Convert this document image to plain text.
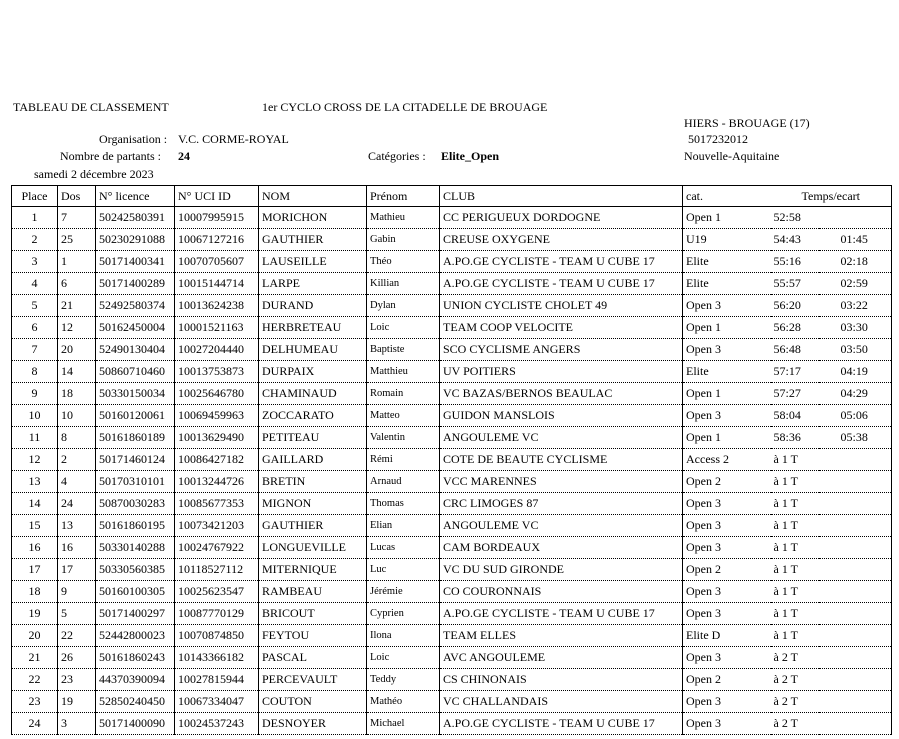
TABLEAU DE CLASSEMENT	1er CYCLO CROSS DE LA CITADELLE DE BROUAGE
HIERS - BROUAGE (17)
Organisation : V.C. CORME-ROYAL	5017232012
Nombre de partants : 24	Catégories : Elite_Open	Nouvelle-Aquitaine
samedi 2 décembre 2023
Place	Dos	N° licence	N° UCI ID	NOM	Prénom	CLUB	cat.	Temps/ecart	
1	7	50242580391	10007995915	MORICHON	Mathieu	CC PERIGUEUX DORDOGNE	Open 1	52:58	
2	25	50230291088	10067127216	GAUTHIER	Gabin	CREUSE OXYGENE	U19	54:43	01:45
3	1	50171400341	10070705607	LAUSEILLE	Théo	A.PO.GE CYCLISTE - TEAM U CUBE 17	Elite	55:16	02:18
4	6	50171400289	10015144714	LARPE	Killian	A.PO.GE CYCLISTE - TEAM U CUBE 17	Elite	55:57	02:59
5	21	52492580374	10013624238	DURAND	Dylan	UNION CYCLISTE CHOLET 49	Open 3	56:20	03:22
6	12	50162450004	10001521163	HERBRETEAU	Loic	TEAM COOP VELOCITE	Open 1	56:28	03:30
7	20	52490130404	10027204440	DELHUMEAU	Baptiste	SCO CYCLISME ANGERS	Open 3	56:48	03:50
8	14	50860710460	10013753873	DURPAIX	Matthieu	UV POITIERS	Elite	57:17	04:19
9	18	50330150034	10025646780	CHAMINAUD	Romain	VC BAZAS/BERNOS BEAULAC	Open 1	57:27	04:29
10	10	50160120061	10069459963	ZOCCARATO	Matteo	GUIDON MANSLOIS	Open 3	58:04	05:06
11	8	50161860189	10013629490	PETITEAU	Valentin	ANGOULEME VC	Open 1	58:36	05:38
12	2	50171460124	10086427182	GAILLARD	Rémi	COTE DE BEAUTE CYCLISME	Access 2	à 1 T	
13	4	50170310101	10013244726	BRETIN	Arnaud	VCC MARENNES	Open 2	à 1 T	
14	24	50870030283	10085677353	MIGNON	Thomas	CRC LIMOGES 87	Open 3	à 1 T	
15	13	50161860195	10073421203	GAUTHIER	Elian	ANGOULEME VC	Open 3	à 1 T	
16	16	50330140288	10024767922	LONGUEVILLE	Lucas	CAM BORDEAUX	Open 3	à 1 T	
17	17	50330560385	10118527112	MITERNIQUE	Luc	VC DU SUD GIRONDE	Open 2	à 1 T	
18	9	50160100305	10025623547	RAMBEAU	Jérémie	CO COURONNAIS	Open 3	à 1 T	
19	5	50171400297	10087770129	BRICOUT	Cyprien	A.PO.GE CYCLISTE - TEAM U CUBE 17	Open 3	à 1 T	
20	22	52442800023	10070874850	FEYTOU	Ilona	TEAM ELLES	Elite D	à 1 T	
21	26	50161860243	10143366182	PASCAL	Loic	AVC ANGOULEME	Open 3	à 2 T	
22	23	44370390094	10027815944	PERCEVAULT	Teddy	CS CHINONAIS	Open 2	à 2 T	
23	19	52850240450	10067334047	COUTON	Mathéo	VC CHALLANDAIS	Open 3	à 2 T	
24	3	50171400090	10024537243	DESNOYER	Michael	A.PO.GE CYCLISTE - TEAM U CUBE 17	Open 3	à 2 T	
